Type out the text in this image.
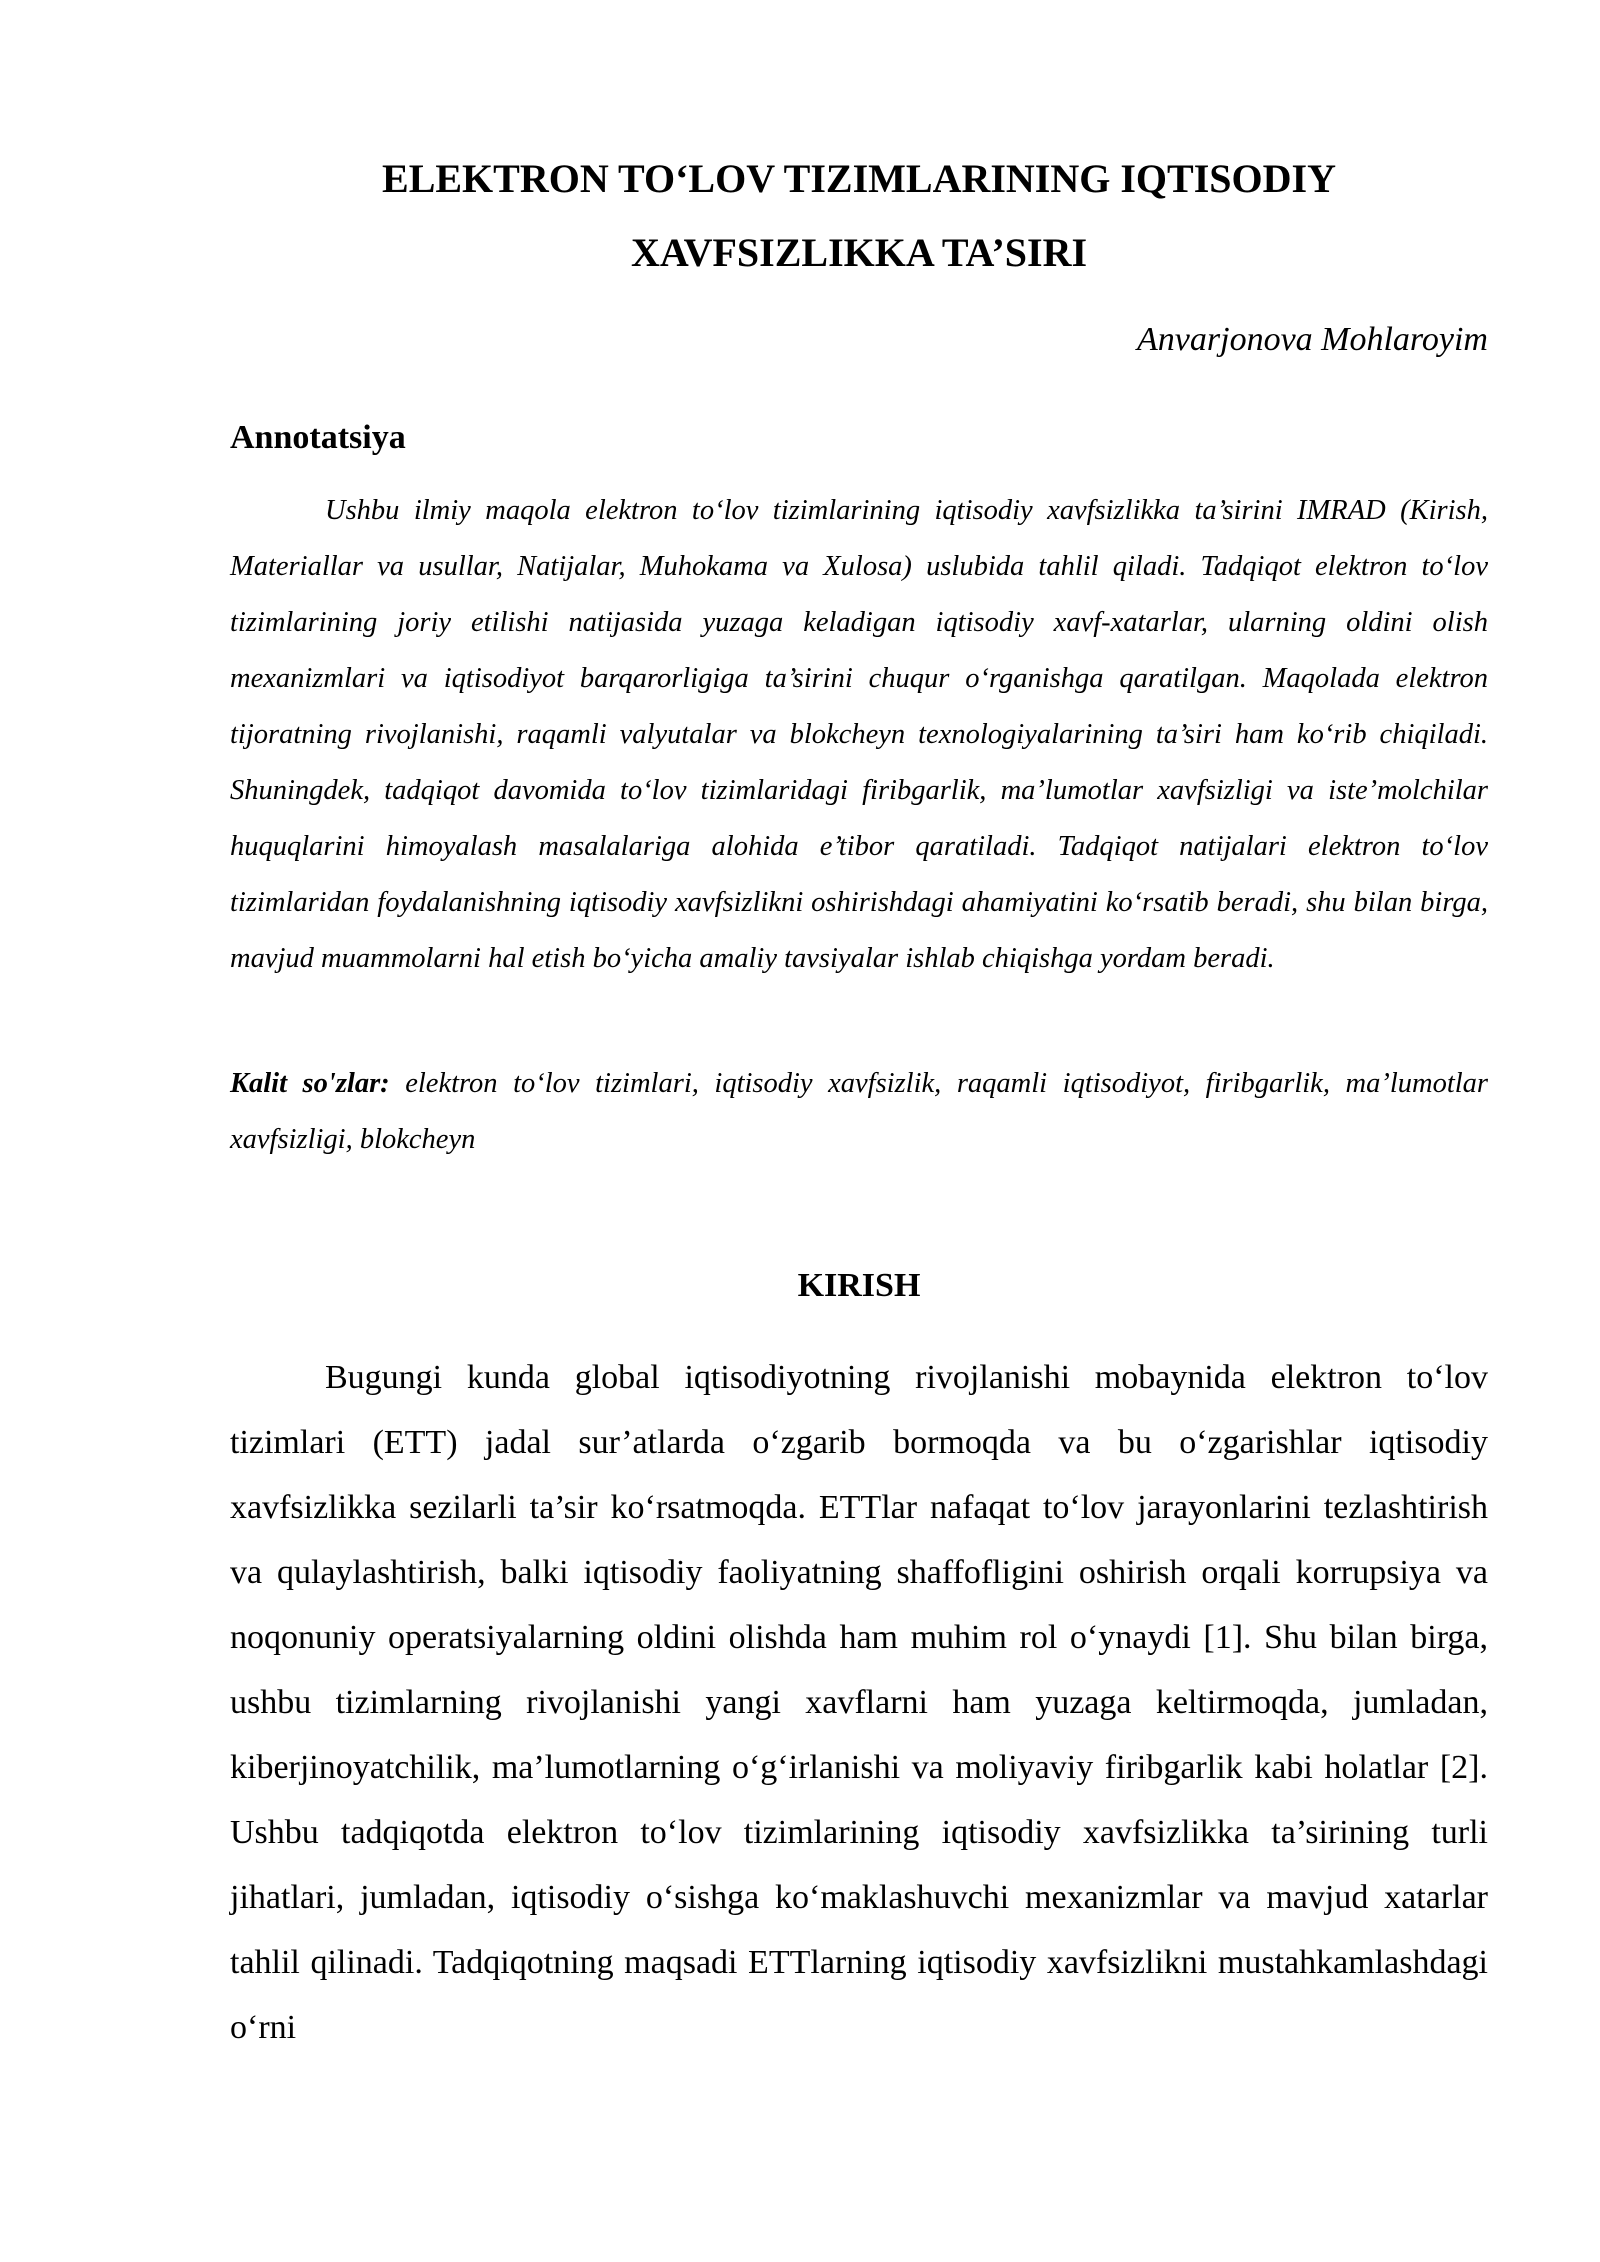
ELEKTRON TO‘LOV TIZIMLARINING IQTISODIY
XAVFSIZLIKKA TA’SIRI

Anvarjonova Mohlaroyim

Annotatsiya

Ushbu ilmiy maqola elektron to‘lov tizimlarining iqtisodiy xavfsizlikka ta’sirini IMRAD (Kirish, Materiallar va usullar, Natijalar, Muhokama va Xulosa) uslubida tahlil qiladi. Tadqiqot elektron to‘lov tizimlarining joriy etilishi natijasida yuzaga keladigan iqtisodiy xavf-xatarlar, ularning oldini olish mexanizmlari va iqtisodiyot barqarorligiga ta’sirini chuqur o‘rganishga qaratilgan. Maqolada elektron tijoratning rivojlanishi, raqamli valyutalar va blokcheyn texnologiyalarining ta’siri ham ko‘rib chiqiladi. Shuningdek, tadqiqot davomida to‘lov tizimlaridagi firibgarlik, ma’lumotlar xavfsizligi va iste’molchilar huquqlarini himoyalash masalalariga alohida e’tibor qaratiladi. Tadqiqot natijalari elektron to‘lov tizimlaridan foydalanishning iqtisodiy xavfsizlikni oshirishdagi ahamiyatini ko‘rsatib beradi, shu bilan birga, mavjud muammolarni hal etish bo‘yicha amaliy tavsiyalar ishlab chiqishga yordam beradi.

Kalit so'zlar: elektron to‘lov tizimlari, iqtisodiy xavfsizlik, raqamli iqtisodiyot, firibgarlik, ma’lumotlar xavfsizligi, blokcheyn

KIRISH

Bugungi kunda global iqtisodiyotning rivojlanishi mobaynida elektron to‘lov tizimlari (ETT) jadal sur’atlarda o‘zgarib bormoqda va bu o‘zgarishlar iqtisodiy xavfsizlikka sezilarli ta’sir ko‘rsatmoqda. ETTlar nafaqat to‘lov jarayonlarini tezlashtirish va qulaylashtirish, balki iqtisodiy faoliyatning shaffofligini oshirish orqali korrupsiya va noqonuniy operatsiyalarning oldini olishda ham muhim rol o‘ynaydi [1]. Shu bilan birga, ushbu tizimlarning rivojlanishi yangi xavflarni ham yuzaga keltirmoqda, jumladan, kiberjinoyatchilik, ma’lumotlarning o‘g‘irlanishi va moliyaviy firibgarlik kabi holatlar [2]. Ushbu tadqiqotda elektron to‘lov tizimlarining iqtisodiy xavfsizlikka ta’sirining turli jihatlari, jumladan, iqtisodiy o‘sishga ko‘maklashuvchi mexanizmlar va mavjud xatarlar tahlil qilinadi. Tadqiqotning maqsadi ETTlarning iqtisodiy xavfsizlikni mustahkamlashdagi o‘rni
